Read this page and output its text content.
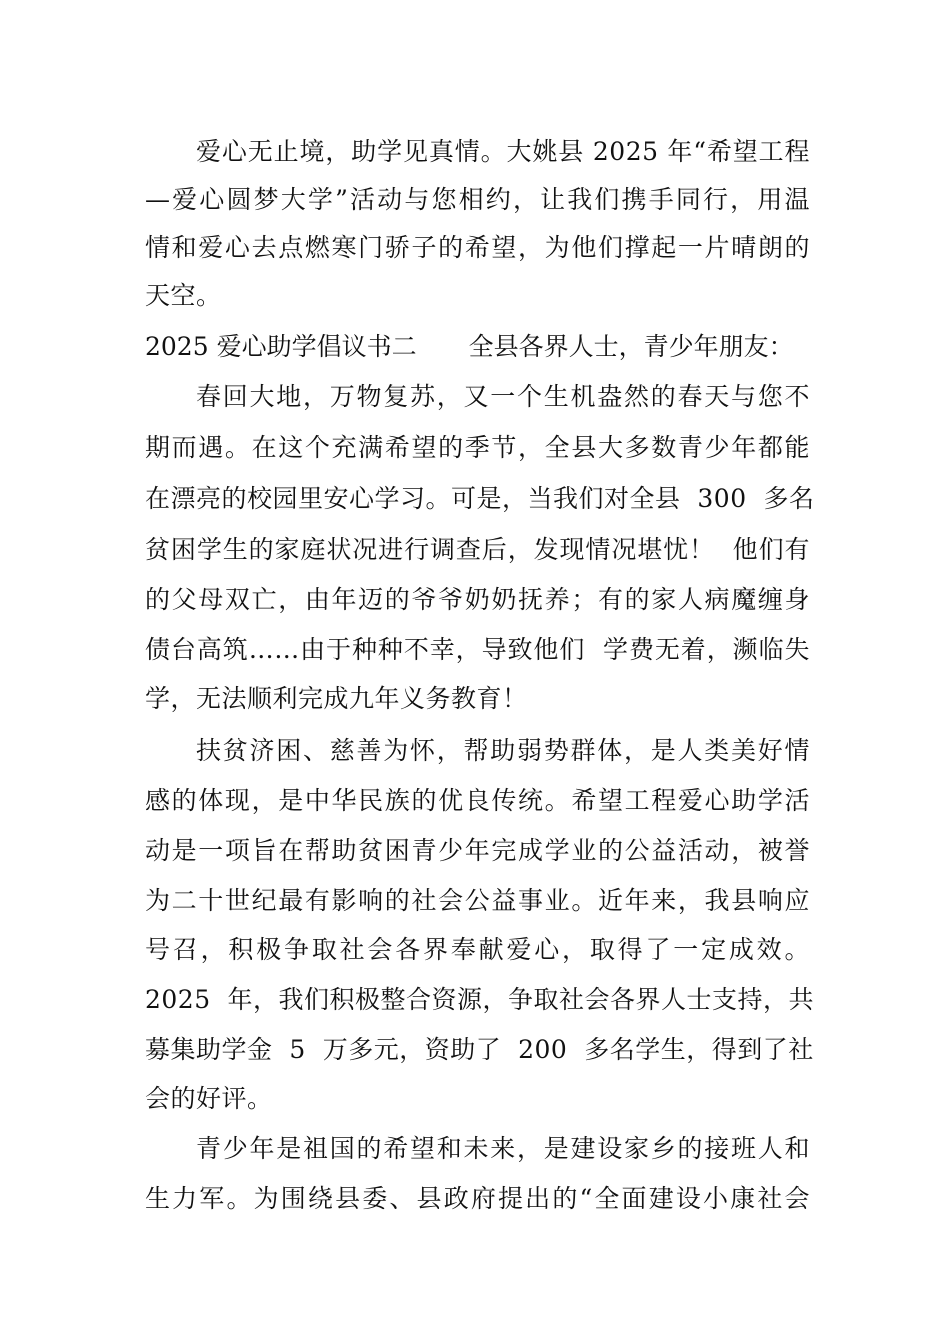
爱心无止境，助学见真情。大姚县 2025 年“希望工程
—爱心圆梦大学”活动与您相约，让我们携手同行，用温
情和爱心去点燃寒门骄子的希望，为他们撑起一片晴朗的
天空。
2025 爱心助学倡议书二 全县各界人士，青少年朋友：
春回大地，万物复苏，又一个生机盎然的春天与您不
期而遇。在这个充满希望的季节，全县大多数青少年都能
在漂亮的校园里安心学习。可是，当我们对全县  300  多名
贫困学生的家庭状况进行调查后，发现情况堪忧！  他们有
的父母双亡，由年迈的爷爷奶奶抚养；有的家人病魔缠身
债台高筑……由于种种不幸，导致他们  学费无着，濒临失
学，无法顺利完成九年义务教育！
扶贫济困、慈善为怀，帮助弱势群体，是人类美好情
感的体现，是中华民族的优良传统。希望工程爱心助学活
动是一项旨在帮助贫困青少年完成学业的公益活动，被誉
为二十世纪最有影响的社会公益事业。近年来，我县响应
号召，积极争取社会各界奉献爱心，取得了一定成效。
2025  年，我们积极整合资源，争取社会各界人士支持，共
募集助学金  5  万多元，资助了  200  多名学生，得到了社
会的好评。
青少年是祖国的希望和未来，是建设家乡的接班人和
生力军。为围绕县委、县政府提出的“全面建设小康社会
